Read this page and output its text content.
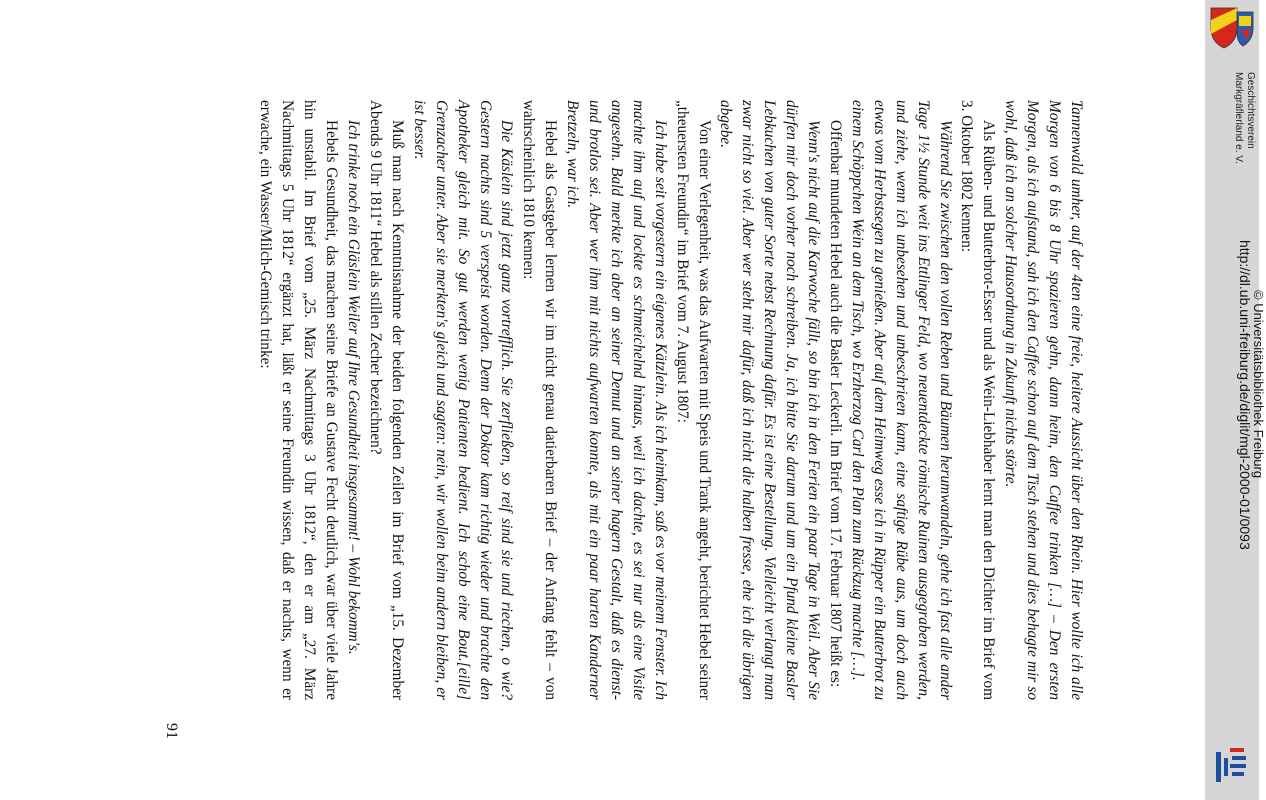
Tannenwald umher, auf der 4ten eine freie, heitere Aussicht über den Rhein. Hier wollte ich alle Morgen von 6 bis 8 Uhr spazieren gehn, dann heim, den Caffee trinken […] – Den ersten Morgen, als ich aufstand, sah ich den Caffee schon auf dem Tisch stehen und dies behagte mir so wohl, daß ich an solcher Hausordnung in Zukunft nichts störte.

Als Rüben- und Butterbrot-Esser und als Wein-Liebhaber lernt man den Dichter im Brief vom 3. Oktober 1802 kennen:

Während Sie zwischen den vollen Reben und Bäumen herumwandeln, gehe ich fast alle ander Tage 1½ Stunde weit ins Ettlinger Feld, wo neuentdeckte römische Ruinen ausgegraben werden, und ziehe, wenn ich unbesehen und unbeschrieen kann, eine saftige Rübe aus, um doch auch etwas vom Herbstsegen zu genießen. Aber auf dem Heimweg esse ich in Rüpper ein Butterbrot zu einem Schöppchen Wein an dem Tisch, wo Erzherzog Carl den Plan zum Rückzug machte […].

Offenbar mundeten Hebel auch die Basler Leckerli. Im Brief vom 17. Februar 1807 heißt es:

Wenn's nicht auf die Karwoche fällt, so bin ich in den Ferien ein paar Tage in Weil. Aber Sie dürfen mir doch vorher noch schreiben. Ja, ich bitte Sie darum und um ein Pfund kleine Basler Lebkuchen von guter Sorte nebst Rechnung dafür. Es ist eine Bestellung. Vielleicht verlangt man zwar nicht so viel. Aber wer steht mir dafür, daß ich nicht die halben fresse, ehe ich die übrigen abgebe.

Von einer Verlegenheit, was das Aufwarten mit Speis und Trank angeht, berichtet Hebel seiner „theuersten Freundin“ im Brief vom 7. August 1807:

Ich habe seit vorgestern ein eigenes Kätzlein. Als ich heimkam, saß es vor meinem Fenster. Ich machte ihm auf und lockte es schmeichelnd hinaus, weil ich dachte, es sei nur als eine Visite angesehn. Bald merkte ich aber an seiner Demut und an seiner hagern Gestalt, daß es dienst- und brotlos sei. Aber wer ihm mit nichts aufwarten konnte, als mit ein paar harten Kanderner Bretzeln, war ich.

Hebel als Gastgeber lernen wir im nicht genau datierbaren Brief – der Anfang fehlt – von wahrscheinlich 1810 kennen:

Die Käslein sind jetzt ganz vortrefflich. Sie zerfließen, so reif sind sie und riechen, o wie? Gestern nachts sind 5 verspeist worden. Denn der Doktor kam richtig wieder und brachte den Apotheker gleich mit. So gut werden wenig Patienten bedient. Ich schob eine Bout.[eille] Grenzacher unter. Aber sie merkten's gleich und sagten: nein, wir wollen beim andern bleiben, er ist besser.

Muß man nach Kenntnisnahme der beiden folgenden Zeilen im Brief vom „15. Dezember Abends 9 Uhr 1811“ Hebel als stillen Zecher bezeichnen?

Ich trinke noch ein Gläslein Weiler auf Ihre Gesundheit insgesammt! – Wohl bekomm's.

Hebels Gesundheit, das machen seine Briefe an Gustave Fecht deutlich, war über viele Jahre hin unstabil. Im Brief vom „25. März Nachmittags 3 Uhr 1812“, den er am „27. März Nachmittags 5 Uhr 1812“ ergänzt hat, läßt er seine Freundin wissen, daß er nachts, wenn er erwache, ein Wasser/Milch-Gemisch trinke:

91
Geschichtsverein
Markgräflerland e. V.
http://dl.ub.uni-freiburg.de/diglit/mgl-2000-01/0093
© Universitätsbibliothek Freiburg
